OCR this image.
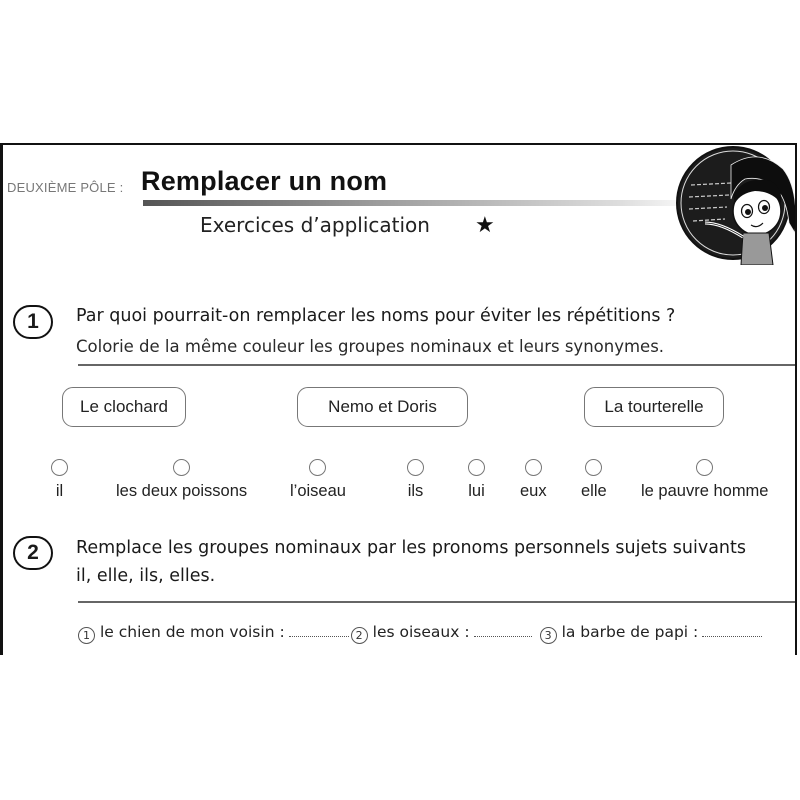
DEUXIÈME PÔLE : Remplacer un nom
Exercices d’application ★
1	Par quoi pourrait-on remplacer les noms pour éviter les répétitions ?
Colorie de la même couleur les groupes nominaux et leurs synonymes.
Le clochard	Nemo et Doris	La tourterelle
il	les deux poissons	l’oiseau	ils	lui eux elle le pauvre homme
2	Remplace les groupes nominaux par les pronoms personnels sujets suivants
il, elle, ils, elles.
1 le chien de mon voisin :	2 les oiseaux :	3 la barbe de papi :
